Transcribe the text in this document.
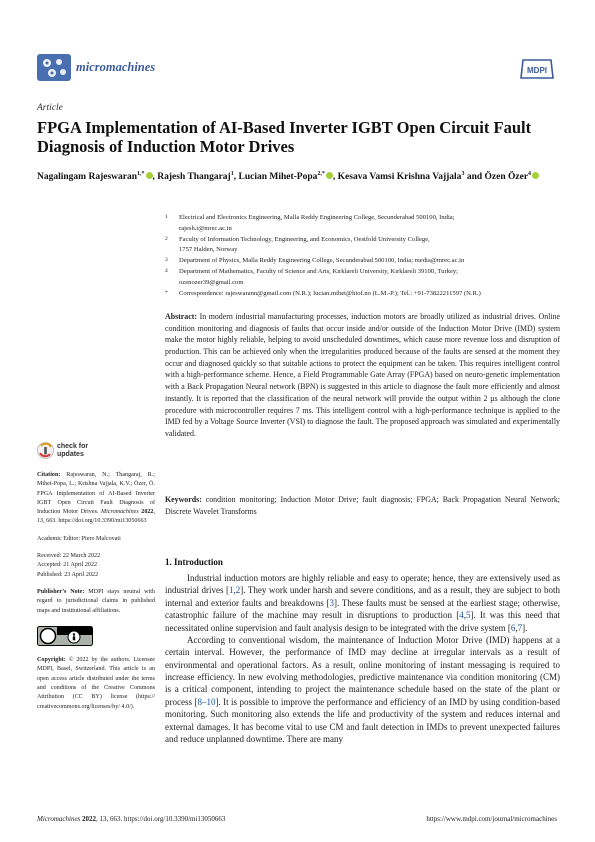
micromachines	MDPI
Article
FPGA Implementation of AI-Based Inverter IGBT Open Circuit Fault Diagnosis of Induction Motor Drives
Nagalingam Rajeswaran$^{1,*}$ , Rajesh Thangaraj$^1$, Lucian Mihet-Popa$^{2,*}$ , Kesava Vamsi Krishna Vajjala$^3$ and Özen Özer$^4$
1 Electrical and Electronics Engineering, Malla Reddy Engineering College, Secunderabad 500100, India;
rajesh.t@mrec.ac.in
2 Faculty of Information Technology, Engineering, and Economics, Oestfold University College,
1757 Halden, Norway
3 Department of Physics, Malla Reddy Engineering College, Secunderabad 500100, India; media@mrec.ac.in
4 Department of Mathematics, Faculty of Science and Arts, Kırklareli University, Kırklareli 39100, Turkey;
ozenozer39@gmail.com
* Correspondence: rajeswarann@gmail.com (N.R.); lucian.mihet@hiof.no (L.M.-P.); Tel.: +91-73822211597 (N.R.)
check for
updates
Citation: Rajeswaran, N.; Thangaraj, R.; Mihet-Popa, L.; Krishna Vajjala, K.V.; Özer, Ö. FPGA Implementation of AI-Based Inverter IGBT Open Circuit Fault Diagnosis of Induction Motor Drives. Micromachines 2022, 13, 663. https://doi.org/10.3390/mi13050663
Academic Editor: Piero Malcovati
Received: 22 March 2022
Accepted: 21 April 2022
Published: 23 April 2022
Publisher’s Note: MDPI stays neutral with regard to jurisdictional claims in published maps and institutional affiliations.
Copyright: © 2022 by the authors. Licensee MDPI, Basel, Switzerland. This article is an open access article distributed under the terms and conditions of the Creative Commons Attribution (CC BY) license (https:// creativecommons.org/licenses/by/ 4.0/).

Abstract: In modern industrial manufacturing processes, induction motors are broadly utilized as industrial drives. Online condition monitoring and diagnosis of faults that occur inside and/or outside of the Induction Motor Drive (IMD) system make the motor highly reliable, helping to avoid unscheduled downtimes, which cause more revenue loss and disruption of production. This can be achieved only when the irregularities produced because of the faults are sensed at the moment they occur and diagnosed quickly so that suitable actions to protect the equipment can be taken. This requires intelligent control with a high-performance scheme. Hence, a Field Programmable Gate Array (FPGA) based on neuro-genetic implementation with a Back Propagation Neural network (BPN) is suggested in this article to diagnose the fault more efficiently and almost instantly. It is reported that the classification of the neural network will provide the output within 2 µs although the clone procedure with microcontroller requires 7 ms. This intelligent control with a high-performance technique is applied to the IMD fed by a Voltage Source Inverter (VSI) to diagnose the fault. The proposed approach was simulated and experimentally validated.

Keywords: condition monitoring; Induction Motor Drive; fault diagnosis; FPGA; Back Propagation Neural Network; Discrete Wavelet Transforms

1. Introduction

Industrial induction motors are highly reliable and easy to operate; hence, they are extensively used as industrial drives [1,2]. They work under harsh and severe conditions, and as a result, they are subject to both internal and exterior faults and breakdowns [3]. These faults must be sensed at the earliest stage; otherwise, catastrophic failure of the machine may result in disruptions to production [4,5]. It was this need that necessitated online supervision and fault analysis design to be integrated with the drive system [6,7].

According to conventional wisdom, the maintenance of Induction Motor Drive (IMD) happens at a certain interval. However, the performance of IMD may decline at irregular intervals as a result of environmental and operational factors. As a result, online monitoring of instant messaging is required to increase efficiency. In new evolving methodologies, predictive maintenance via condition monitoring (CM) is a critical component, intending to project the maintenance schedule based on the state of the plant or process [8–10]. It is possible to improve the performance and efficiency of an IMD by using condition-based monitoring. Such monitoring also extends the life and productivity of the system and reduces internal and external damages. It has become vital to use CM and fault detection in IMDs to prevent unexpected failures and reduce unplanned downtime. There are many

Micromachines 2022, 13, 663. https://doi.org/10.3390/mi13050663	https://www.mdpi.com/journal/micromachines
